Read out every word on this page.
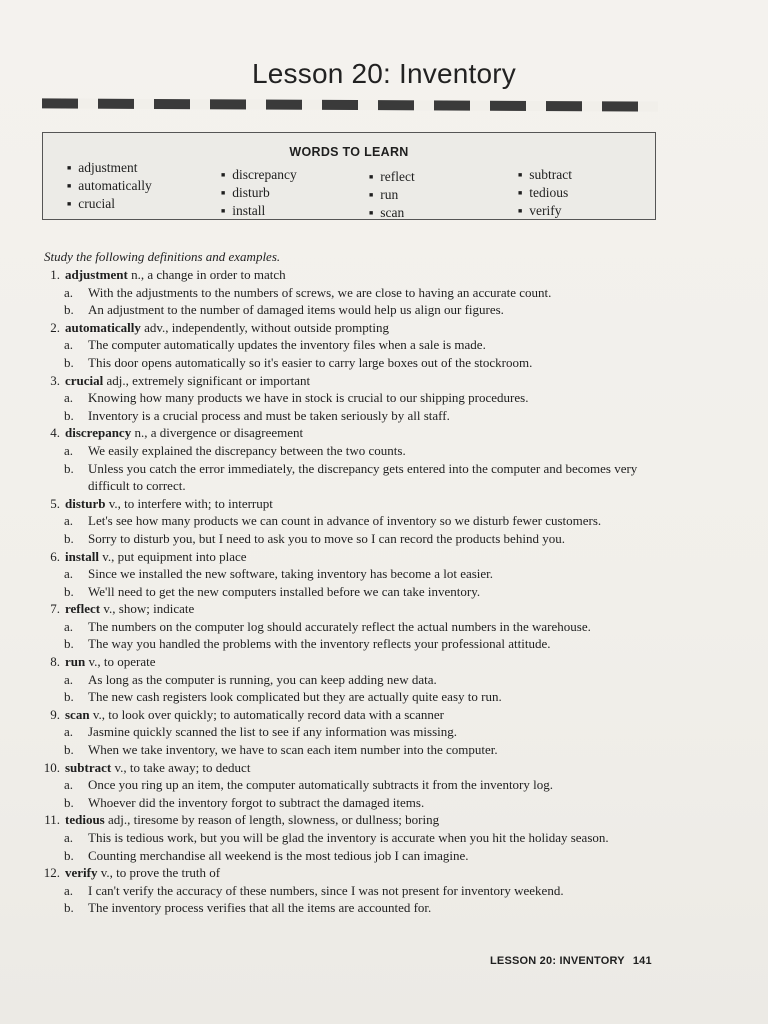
Lesson 20: Inventory
WORDS TO LEARN
■ adjustment
■ automatically
■ crucial
■ discrepancy
■ disturb
■ install
■ reflect
■ run
■ scan
■ subtract
■ tedious
■ verify
Study the following definitions and examples.
1. adjustment n., a change in order to match
a. With the adjustments to the numbers of screws, we are close to having an accurate count.
b. An adjustment to the number of damaged items would help us align our figures.
2. automatically adv., independently, without outside prompting
a. The computer automatically updates the inventory files when a sale is made.
b. This door opens automatically so it's easier to carry large boxes out of the stockroom.
3. crucial adj., extremely significant or important
a. Knowing how many products we have in stock is crucial to our shipping procedures.
b. Inventory is a crucial process and must be taken seriously by all staff.
4. discrepancy n., a divergence or disagreement
a. We easily explained the discrepancy between the two counts.
b. Unless you catch the error immediately, the discrepancy gets entered into the computer and becomes very difficult to correct.
5. disturb v., to interfere with; to interrupt
a. Let's see how many products we can count in advance of inventory so we disturb fewer customers.
b. Sorry to disturb you, but I need to ask you to move so I can record the products behind you.
6. install v., put equipment into place
a. Since we installed the new software, taking inventory has become a lot easier.
b. We'll need to get the new computers installed before we can take inventory.
7. reflect v., show; indicate
a. The numbers on the computer log should accurately reflect the actual numbers in the warehouse.
b. The way you handled the problems with the inventory reflects your professional attitude.
8. run v., to operate
a. As long as the computer is running, you can keep adding new data.
b. The new cash registers look complicated but they are actually quite easy to run.
9. scan v., to look over quickly; to automatically record data with a scanner
a. Jasmine quickly scanned the list to see if any information was missing.
b. When we take inventory, we have to scan each item number into the computer.
10. subtract v., to take away; to deduct
a. Once you ring up an item, the computer automatically subtracts it from the inventory log.
b. Whoever did the inventory forgot to subtract the damaged items.
11. tedious adj., tiresome by reason of length, slowness, or dullness; boring
a. This is tedious work, but you will be glad the inventory is accurate when you hit the holiday season.
b. Counting merchandise all weekend is the most tedious job I can imagine.
12. verify v., to prove the truth of
a. I can't verify the accuracy of these numbers, since I was not present for inventory weekend.
b. The inventory process verifies that all the items are accounted for.
LESSON 20: INVENTORY 141
